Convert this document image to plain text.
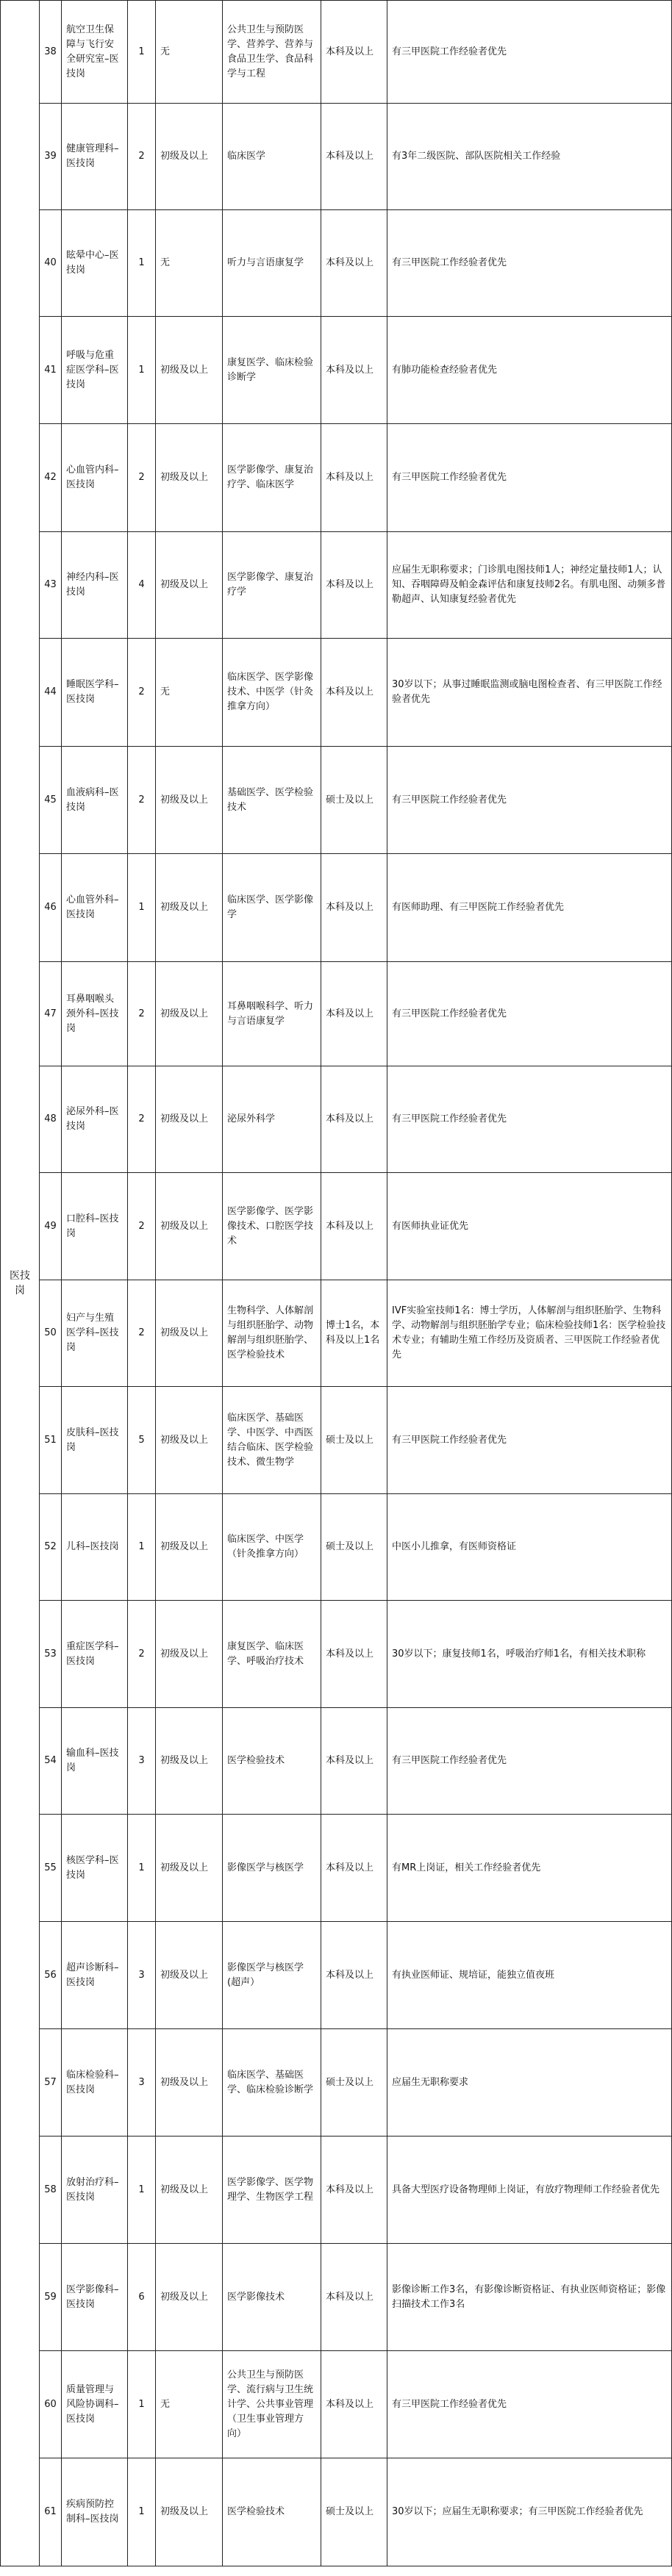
医技岗	38	航空卫生保障与飞行安全研究室–医技岗	1	无	公共卫生与预防医学、营养学、营养与食品卫生学、食品科学与工程	本科及以上	有三甲医院工作经验者优先
	39	健康管理科–医技岗	2	初级及以上	临床医学	本科及以上	有3年二级医院、部队医院相关工作经验
	40	眩晕中心–医技岗	1	无	听力与言语康复学	本科及以上	有三甲医院工作经验者优先
	41	呼吸与危重症医学科–医技岗	1	初级及以上	康复医学、临床检验诊断学	本科及以上	有肺功能检查经验者优先
	42	心血管内科–医技岗	2	初级及以上	医学影像学、康复治疗学、临床医学	本科及以上	有三甲医院工作经验者优先
	43	神经内科–医技岗	4	初级及以上	医学影像学、康复治疗学	本科及以上	应届生无职称要求；门诊肌电图技师1人；神经定量技师1人；认知、吞咽障碍及帕金森评估和康复技师2名。有肌电图、动频多普勒超声、认知康复经验者优先
	44	睡眠医学科–医技岗	2	无	临床医学、医学影像技术、中医学（针灸推拿方向）	本科及以上	30岁以下；从事过睡眠监测或脑电图检查者、有三甲医院工作经验者优先
	45	血液病科–医技岗	2	初级及以上	基础医学、医学检验技术	硕士及以上	有三甲医院工作经验者优先
	46	心血管外科–医技岗	1	初级及以上	临床医学、医学影像学	本科及以上	有医师助理、有三甲医院工作经验者优先
	47	耳鼻咽喉头颈外科–医技岗	2	初级及以上	耳鼻咽喉科学、听力与言语康复学	本科及以上	有三甲医院工作经验者优先
	48	泌尿外科–医技岗	2	初级及以上	泌尿外科学	本科及以上	有三甲医院工作经验者优先
	49	口腔科–医技岗	2	初级及以上	医学影像学、医学影像技术、口腔医学技术	本科及以上	有医师执业证优先
	50	妇产与生殖医学科–医技岗	2	初级及以上	生物科学、人体解剖与组织胚胎学、动物解剖与组织胚胎学、医学检验技术	博士1名，本科及以上1名	IVF实验室技师1名：博士学历，人体解剖与组织胚胎学、生物科学、动物解剖与组织胚胎学专业；临床检验技师1名：医学检验技术专业；有辅助生殖工作经历及资质者、三甲医院工作经验者优先
	51	皮肤科–医技岗	5	初级及以上	临床医学、基础医学、中医学、中西医结合临床、医学检验技术、微生物学	硕士及以上	有三甲医院工作经验者优先
	52	儿科–医技岗	1	初级及以上	临床医学、中医学（针灸推拿方向）	硕士及以上	中医小儿推拿，有医师资格证
	53	重症医学科–医技岗	2	初级及以上	康复医学、临床医学、呼吸治疗技术	本科及以上	30岁以下；康复技师1名，呼吸治疗师1名，有相关技术职称
	54	输血科–医技岗	3	初级及以上	医学检验技术	本科及以上	有三甲医院工作经验者优先
	55	核医学科–医技岗	1	初级及以上	影像医学与核医学	本科及以上	有MR上岗证，相关工作经验者优先
	56	超声诊断科–医技岗	3	初级及以上	影像医学与核医学(超声）	本科及以上	有执业医师证、规培证，能独立值夜班
	57	临床检验科–医技岗	3	初级及以上	临床医学、基础医学、临床检验诊断学	硕士及以上	应届生无职称要求
	58	放射治疗科–医技岗	1	初级及以上	医学影像学、医学物理学、生物医学工程	本科及以上	具备大型医疗设备物理师上岗证，有放疗物理师工作经验者优先
	59	医学影像科–医技岗	6	初级及以上	医学影像技术	本科及以上	影像诊断工作3名，有影像诊断资格证、有执业医师资格证；影像扫描技术工作3名
	60	质量管理与风险协调科–医技岗	1	无	公共卫生与预防医学、流行病与卫生统计学、公共事业管理（卫生事业管理方向）	本科及以上	有三甲医院工作经验者优先
	61	疾病预防控制科–医技岗	1	初级及以上	医学检验技术	硕士及以上	30岁以下；应届生无职称要求；有三甲医院工作经验者优先
